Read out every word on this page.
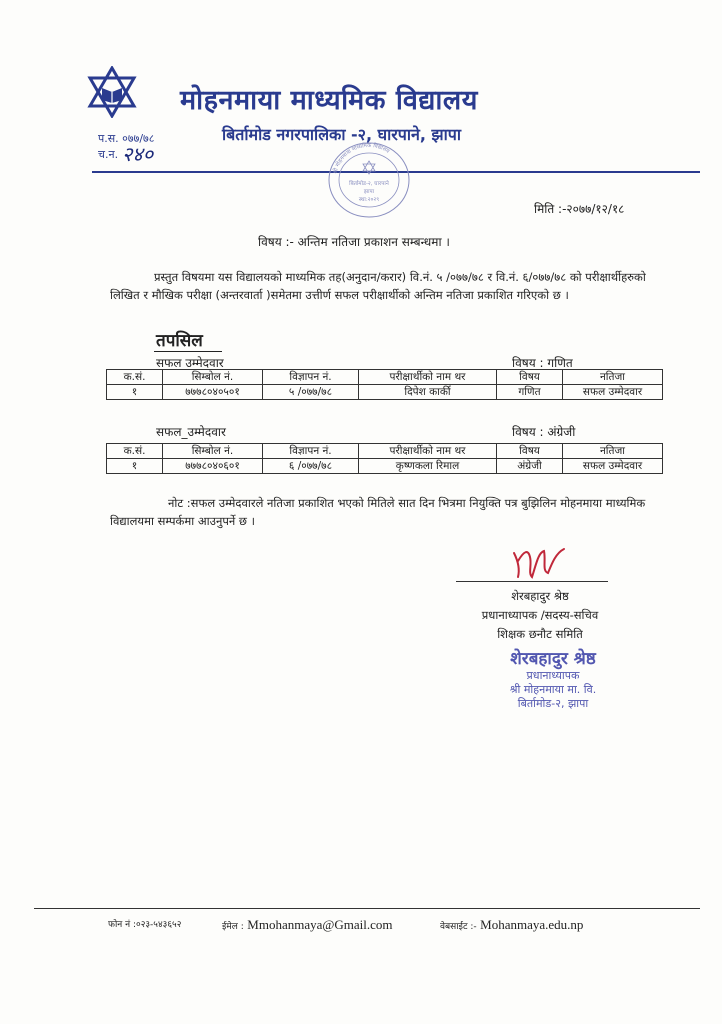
मोहनमाया माध्यमिक विद्यालय
बिर्तामोड नगरपालिका -२, घारपाने, झापा
प.स. ०७७/७८
च.न. २४०
श्री मोहनमाया माध्यमिक विद्यालय
बिर्तामोड-२, घारपाने
झापा
स्था:२०२९
मिति :-२०७७/१२/१८
विषय :- अन्तिम नतिजा प्रकाशन सम्बन्धमा ।

प्रस्तुत विषयमा यस विद्यालयको माध्यमिक तह(अनुदान/करार) वि.नं. ५ /०७७/७८ र वि.नं. ६/०७७/७८ को परीक्षार्थीहरुको लिखित र मौखिक परीक्षा (अन्तरवार्ता )समेतमा उत्तीर्ण सफल परीक्षार्थीको अन्तिम नतिजा प्रकाशित गरिएको छ ।

तपसिल
सफल उम्मेदवार	विषय : गणित
क.सं.	सिम्बोल नं.	विज्ञापन नं.	परीक्षार्थीको नाम थर	विषय	नतिजा
१	७७७८०४०५०१	५ /०७७/७८	दिपेश कार्की	गणित	सफल उम्मेदवार
सफल_उम्मेदवार	विषय : अंग्रेजी
क.सं.	सिम्बोल नं.	विज्ञापन नं.	परीक्षार्थीको नाम थर	विषय	नतिजा
१	७७७८०४०६०१	६ /०७७/७८	कृष्णकला रिमाल	अंग्रेजी	सफल उम्मेदवार

नोट :सफल उम्मेदवारले नतिजा प्रकाशित भएको मितिले सात दिन भित्रमा नियुक्ति पत्र बुझिलिन मोहनमाया माध्यमिक विद्यालयमा सम्पर्कमा आउनुपर्ने छ ।

शेरबहादुर श्रेष्ठ
प्रधानाध्यापक /सदस्य-सचिव
शिक्षक छनौट समिति
शेरबहादुर श्रेष्ठ
प्रधानाध्यापक
श्री मोहनमाया मा. वि.
बिर्तामोड-२, झापा
फोन नं :०२३-५४३६५२	ईमेल : Mmohanmaya@Gmail.com	वेबसाईट :- Mohanmaya.edu.np
